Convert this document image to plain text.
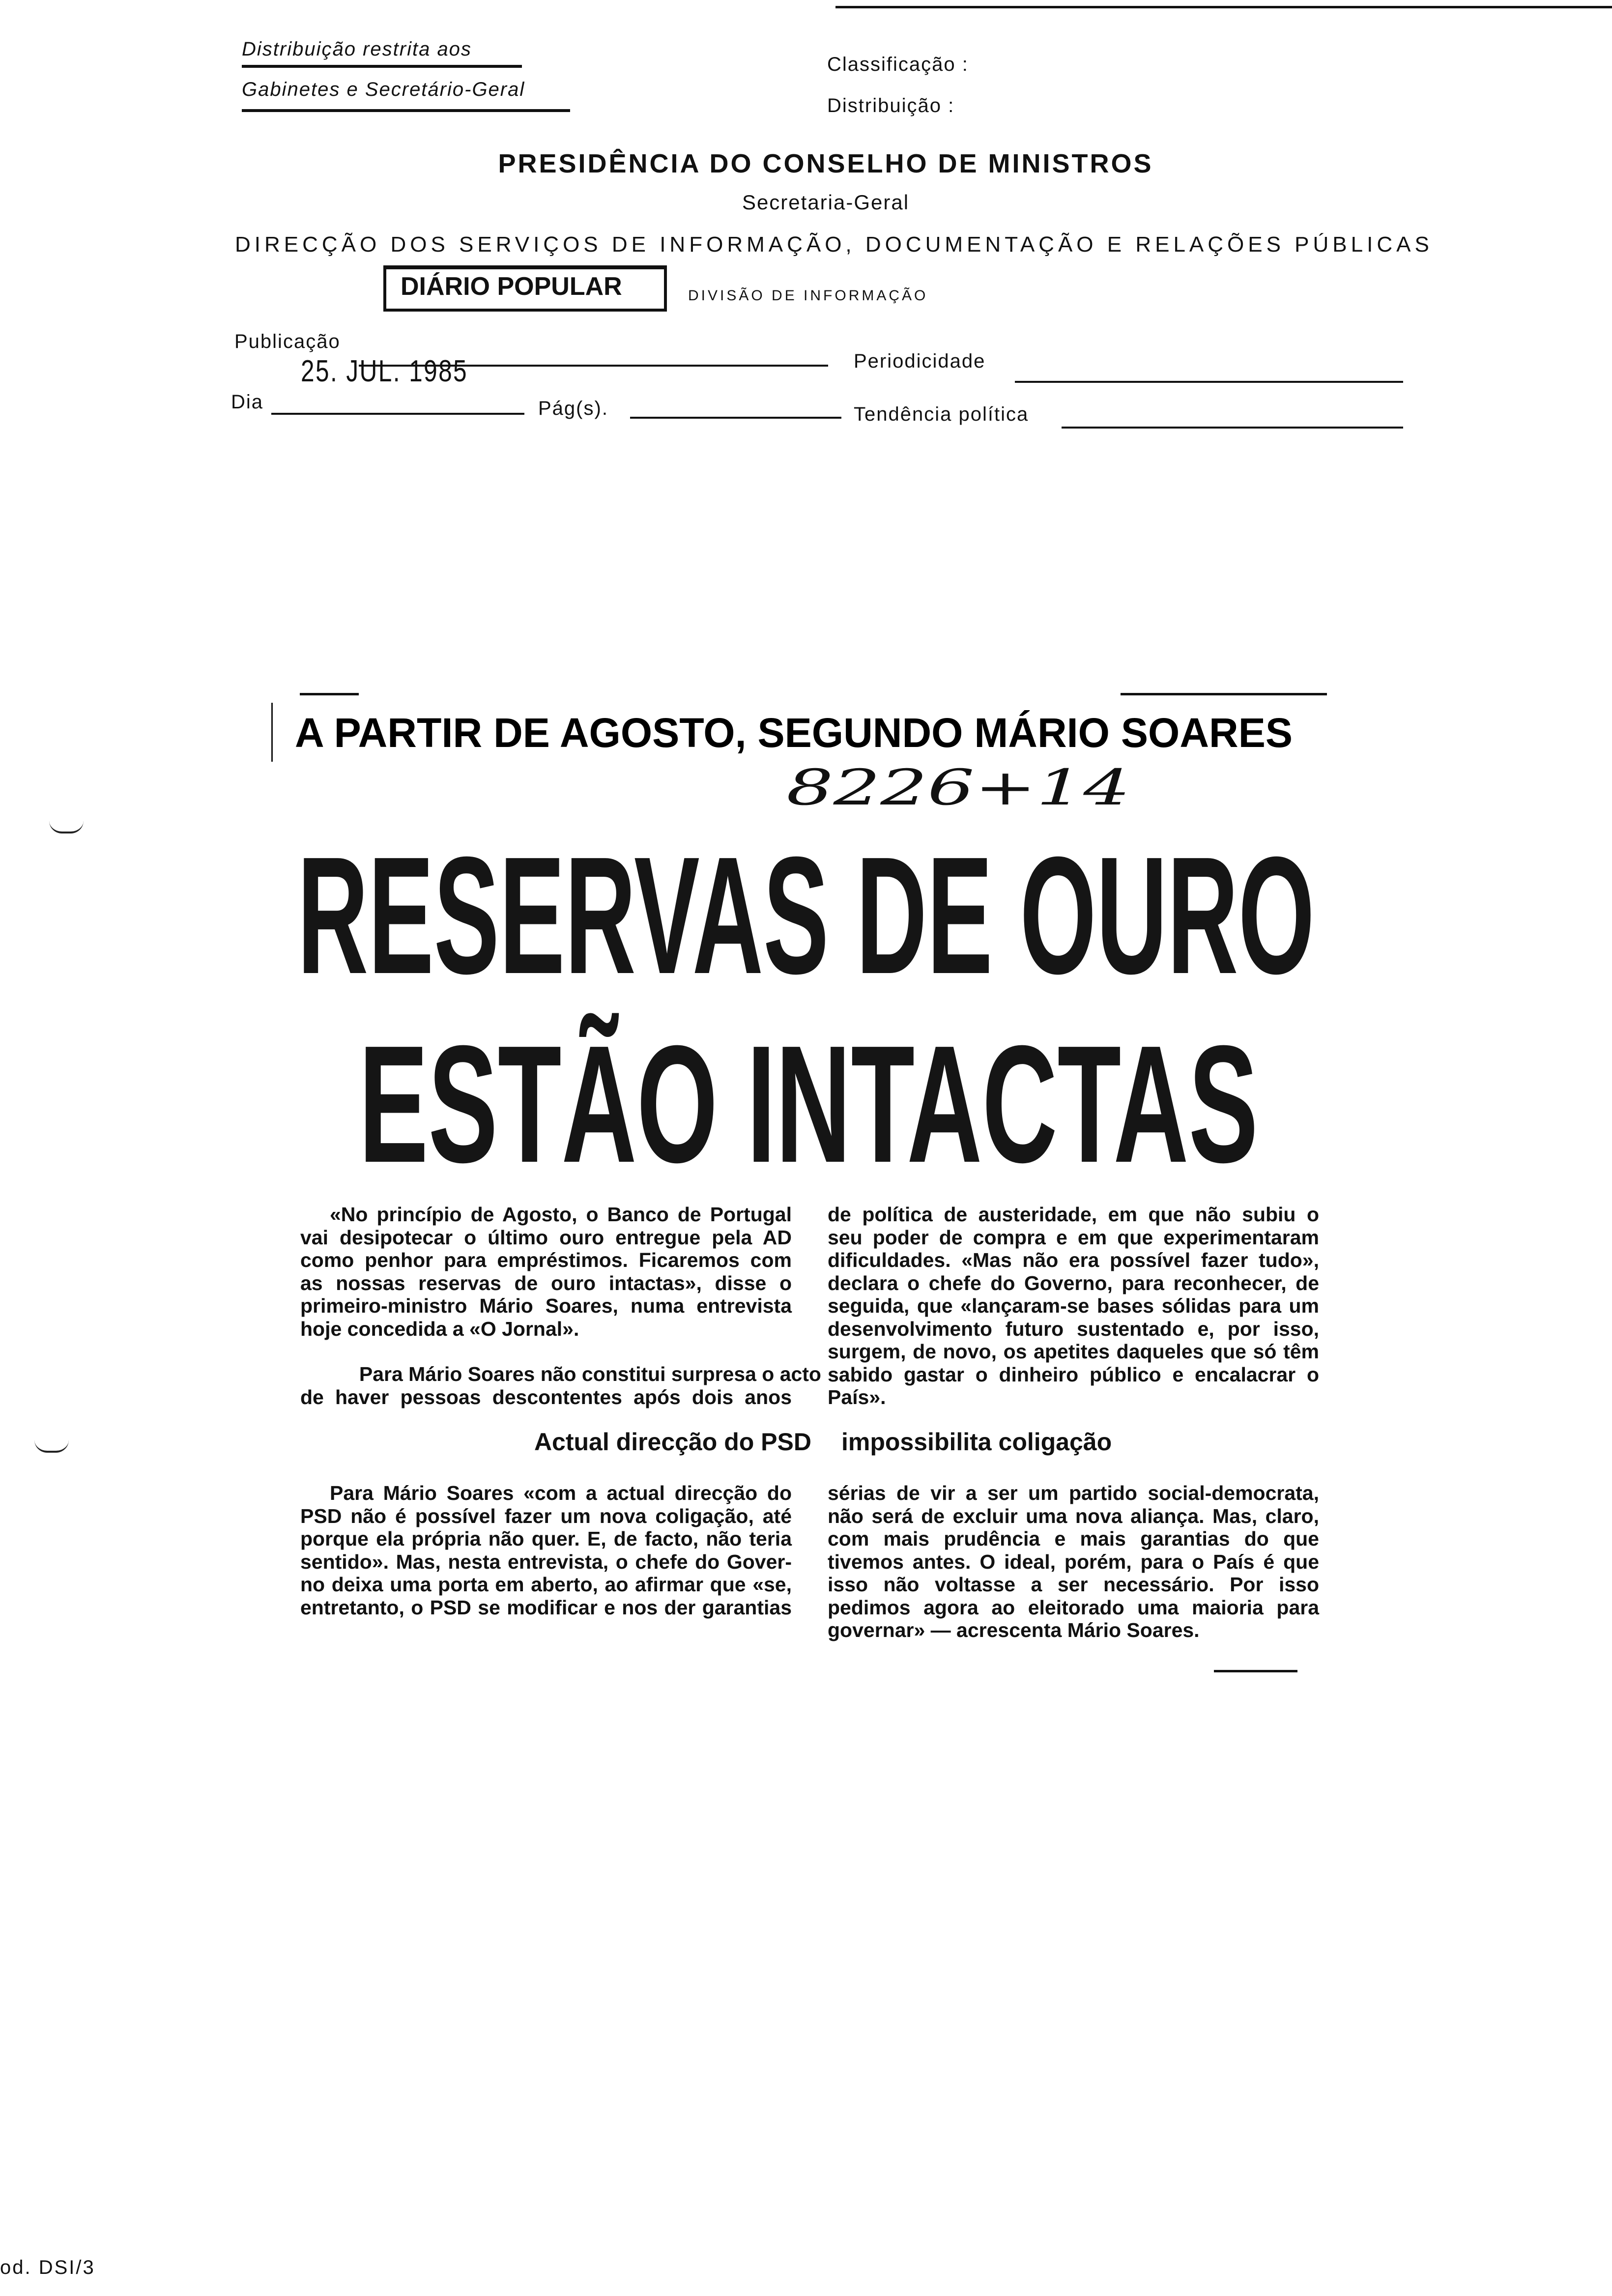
Distribuição restrita aos
Gabinetes e Secretário-Geral
Classificação :
Distribuição :
PRESIDÊNCIA DO CONSELHO DE MINISTROS
Secretaria-Geral
DIRECÇÃO DOS SERVIÇOS DE INFORMAÇÃO, DOCUMENTAÇÃO E RELAÇÕES PÚBLICAS
DIÁRIO POPULAR	DIVISÃO DE INFORMAÇÃO
Publicação
Periodicidade
25. JUL. 1985
Dia	Pág(s).	Tendência política
A PARTIR DE AGOSTO, SEGUNDO MÁRIO SOARES
8226+14
RESERVAS DE OURO
ESTÃO INTACTAS
«No princípio de Agosto, o Banco de Portugal
vai desipotecar o último ouro entregue pela AD
como penhor para empréstimos. Ficaremos com
as nossas reservas de ouro intactas», disse o
primeiro-ministro Mário Soares, numa entrevista
hoje concedida a «O Jornal».
Para Mário Soares não constitui surpresa o acto
de haver pessoas descontentes após dois anos
de política de austeridade, em que não subiu o
seu poder de compra e em que experimentaram
dificuldades. «Mas não era possível fazer tudo»,
declara o chefe do Governo, para reconhecer, de
seguida, que «lançaram-se bases sólidas para um
desenvolvimento futuro sustentado e, por isso,
surgem, de novo, os apetites daqueles que só têm
sabido gastar o dinheiro público e encalacrar o
País».
Actual direcção do PSD impossibilita coligação
Para Mário Soares «com a actual direcção do
PSD não é possível fazer um nova coligação, até
porque ela própria não quer. E, de facto, não teria
sentido». Mas, nesta entrevista, o chefe do Gover-
no deixa uma porta em aberto, ao afirmar que «se,
entretanto, o PSD se modificar e nos der garantias
sérias de vir a ser um partido social-democrata,
não será de excluir uma nova aliança. Mas, claro,
com mais prudência e mais garantias do que
tivemos antes. O ideal, porém, para o País é que
isso não voltasse a ser necessário. Por isso
pedimos agora ao eleitorado uma maioria para
governar» — acrescenta Mário Soares.
od. DSI/3
